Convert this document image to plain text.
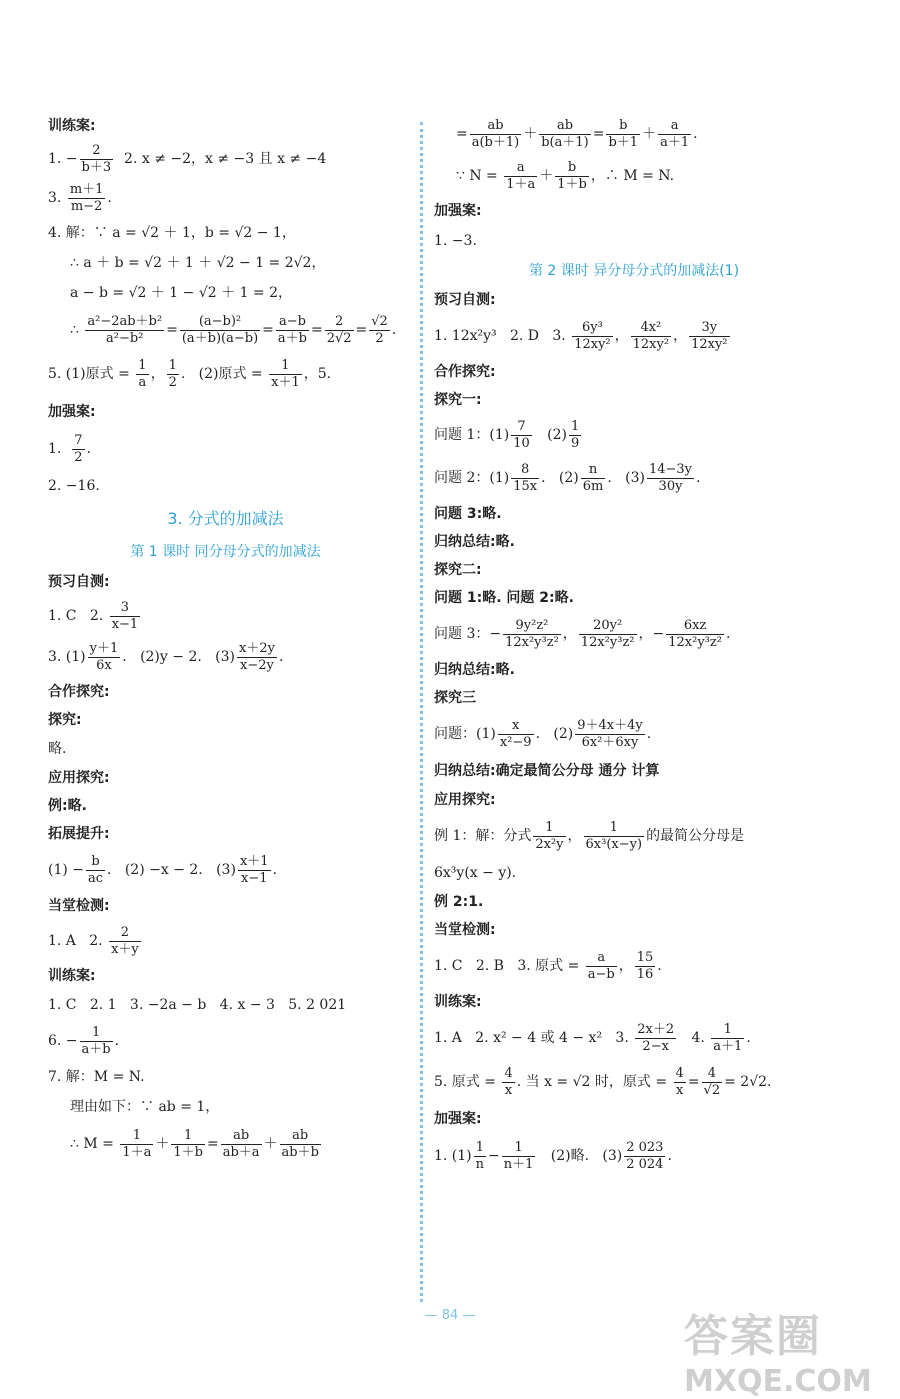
训练案:
1. − $\frac{2}{b+3} 2$. x ≠ −2，x ≠ −3 且 x ≠ −4
3. $\frac{m+1}{m-2}$ .
4. 解：∵ a = √2 ＋ 1，b = √2 − 1，
∴ a ＋ b = √2 ＋ 1 ＋ √2 − 1 = 2√2，
a − b = √2 ＋ 1 − √2 ＋ 1 = 2，
∴ $\frac{\text{a²−2ab＋b²}}{\text{a²−b²}} = \frac{\text{(a−b)²}}{(a+b)(a-b)} = \frac{a-b}{a+b} = \frac{2}{2√2} = \frac{√2}{2}$ .
5. (1)原式 = $\frac{1}{a}$ ， $\frac{1}{2}$ .   (2)原式 = $\frac{1}{x+1}$ ，5.
加强案:
1. $\frac{7}{2}$ .
2. −16.
3. 分式的加减法
第 1 课时 同分母分式的加减法
预习自测:
1. C   2. $\frac{3}{x-1}$
3. $(1) \frac{y+1}{6x}$ .   (2)y − 2.   $(3) \frac{x+2y}{x-2y}$ .
合作探究:
探究:
略.
应用探究:
例:略.
拓展提升:
$(1) - \frac{b}{ac}$ .   (2) −x − 2.   $(3) \frac{x+1}{x-1}$ .
当堂检测:
1. A   2. $\frac{2}{x+y}$
训练案:
1. C   2. 1   3. −2a − b   4. x − 3   5. 2 021
6. − $\frac{1}{a+b}$ .
7. 解：M = N.
理由如下：∵ ab = 1，
∴ $M = \frac{1}{1+a} + \frac{1}{1+b} = \frac{ab}{ab+a} + \frac{ab}{ab+b}$
= $\frac{ab}{a(b+1)} + \frac{ab}{b(a+1)} = \frac{b}{b+1} + \frac{a}{a+1}$ .
∵ $N = \frac{a}{1+a} + \frac{b}{1+b}$ ，∴ M = N.
加强案:
1. −3.
第 2 课时 异分母分式的加减法(1)
预习自测:
1. 12x²y³   2. D   3. $\frac{\text{6y³}}{\text{12xy²}}$ ， $\frac{\text{4x²}}{\text{12xy²}}$ ， $\frac{3y}{\text{12xy²}}$
合作探究:
探究一:
问题 1：$(1) \frac{7}{10} (2) \frac{1}{9}$
问题 2：$(1) \frac{8}{15x}$ .   $(2) \frac{n}{6m}$ .   $(3) \frac{14-3y}{30y}$ .
问题 3:略.
归纳总结:略.
探究二:
问题 1:略. 问题 2:略.
问题 3：− $\frac{\text{9y²z²}}{\text{12x²y³z²}}$ ， $\frac{\text{20y²}}{\text{12x²y³z²}}$ ，− $\frac{6xz}{\text{12x²y³z²}}$ .
归纳总结:略.
探究三
问题：$(1) \frac{x}{\text{x²−9}}$ .   $(2) \frac{9+4x+4y}{\text{6x²＋6xy}}$ .
归纳总结:确定最简公分母 通分 计算
应用探究:
例 1：解：分式 $\frac{1}{\text{2x²y}}$ ， $\frac{1}{\text{6x³(x−y)}}$ 的最简公分母是
6x³y(x − y).
例 2:1.
当堂检测:
1. C   2. B   3. 原式 = $\frac{a}{a-b}$ ， $\frac{15}{16}$ .
训练案:
1. A   2. x² − 4 或 4 − x²   3. $\frac{2x+2}{2-x} 4$. $\frac{1}{a+1}$ .
5. 原式 = $\frac{4}{x}$ . 当 x = √2 时，原式 = $\frac{4}{x} = \frac{4}{√2} = 2√2$.
加强案:
1. $(1) \frac{1}{n} - \frac{1}{n+1} (2)$略.   $(3) \frac{2 023}{2 024}$ .
— 84 —	答案圈
MXQE.COM
